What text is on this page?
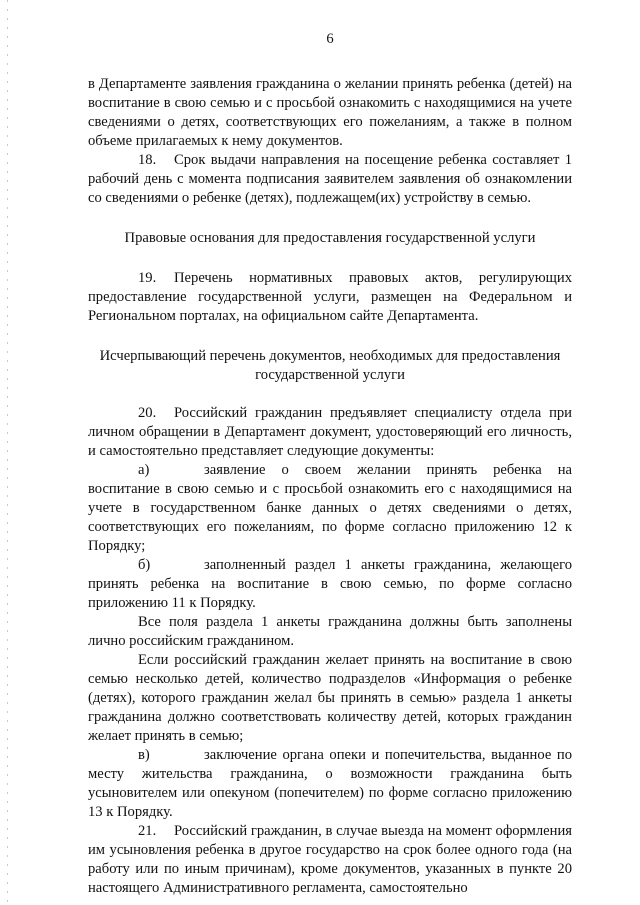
6

в Департаменте заявления гражданина о желании принять ребенка (детей) на воспитание в свою семью и с просьбой ознакомить с находящимися на учете сведениями о детях, соответствующих его пожеланиям, а также в полном объеме прилагаемых к нему документов.

18. Срок выдачи направления на посещение ребенка составляет 1 рабочий день с момента подписания заявителем заявления об ознакомлении со сведениями о ребенке (детях), подлежащем(их) устройству в семью.

Правовые основания для предоставления государственной услуги

19. Перечень нормативных правовых актов, регулирующих предоставление государственной услуги, размещен на Федеральном и Региональном порталах, на официальном сайте Департамента.

Исчерпывающий перечень документов, необходимых для предоставления
государственной услуги

20. Российский гражданин предъявляет специалисту отдела при личном обращении в Департамент документ, удостоверяющий его личность, и самостоятельно представляет следующие документы:

а)	заявление о своем желании принять ребенка на воспитание в свою семью и с просьбой ознакомить его с находящимися на учете в государственном банке данных о детях сведениями о детях, соответствующих его пожеланиям, по форме согласно приложению 12 к Порядку;

б)	заполненный раздел 1 анкеты гражданина, желающего принять ребенка на воспитание в свою семью, по форме согласно приложению 11 к Порядку.

Все поля раздела 1 анкеты гражданина должны быть заполнены лично российским гражданином.

Если российский гражданин желает принять на воспитание в свою семью несколько детей, количество подразделов «Информация о ребенке (детях), которого гражданин желал бы принять в семью» раздела 1 анкеты гражданина должно соответствовать количеству детей, которых гражданин желает принять в семью;

в)	заключение органа опеки и попечительства, выданное по месту жительства гражданина, о возможности гражданина быть усыновителем или опекуном (попечителем) по форме согласно приложению 13 к Порядку.

21. Российский гражданин, в случае выезда на момент оформления им усыновления ребенка в другое государство на срок более одного года (на работу или по иным причинам), кроме документов, указанных в пункте 20 настоящего Административного регламента, самостоятельно
